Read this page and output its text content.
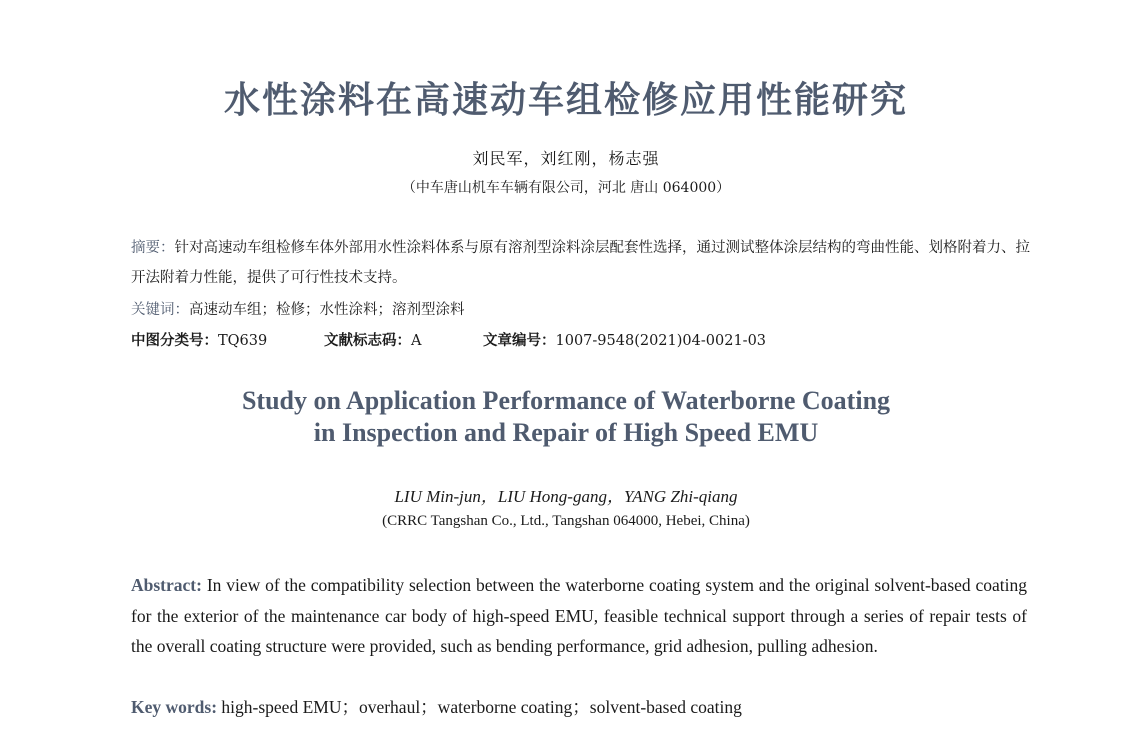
水性涂料在高速动车组检修应用性能研究
刘民军，刘红刚，杨志强
（中车唐山机车车辆有限公司，河北 唐山 064000）
摘要：针对高速动车组检修车体外部用水性涂料体系与原有溶剂型涂料涂层配套性选择，通过测试整体涂层结构的弯曲性能、划格附着力、拉开法附着力性能，提供了可行性技术支持。
关键词：高速动车组；检修；水性涂料；溶剂型涂料
中图分类号：TQ639	文献标志码：A	文章编号：1007-9548(2021)04-0021-03
Study on Application Performance of Waterborne Coating
in Inspection and Repair of High Speed EMU
LIU Min-jun，LIU Hong-gang，YANG Zhi-qiang
(CRRC Tangshan Co., Ltd., Tangshan 064000, Hebei, China)
Abstract: In view of the compatibility selection between the waterborne coating system and the original solvent-based coating for the exterior of the maintenance car body of high-speed EMU, feasible technical support through a series of repair tests of the overall coating structure were provided, such as bending performance, grid adhesion, pulling adhesion.
Key words: high-speed EMU；overhaul；waterborne coating；solvent-based coating
